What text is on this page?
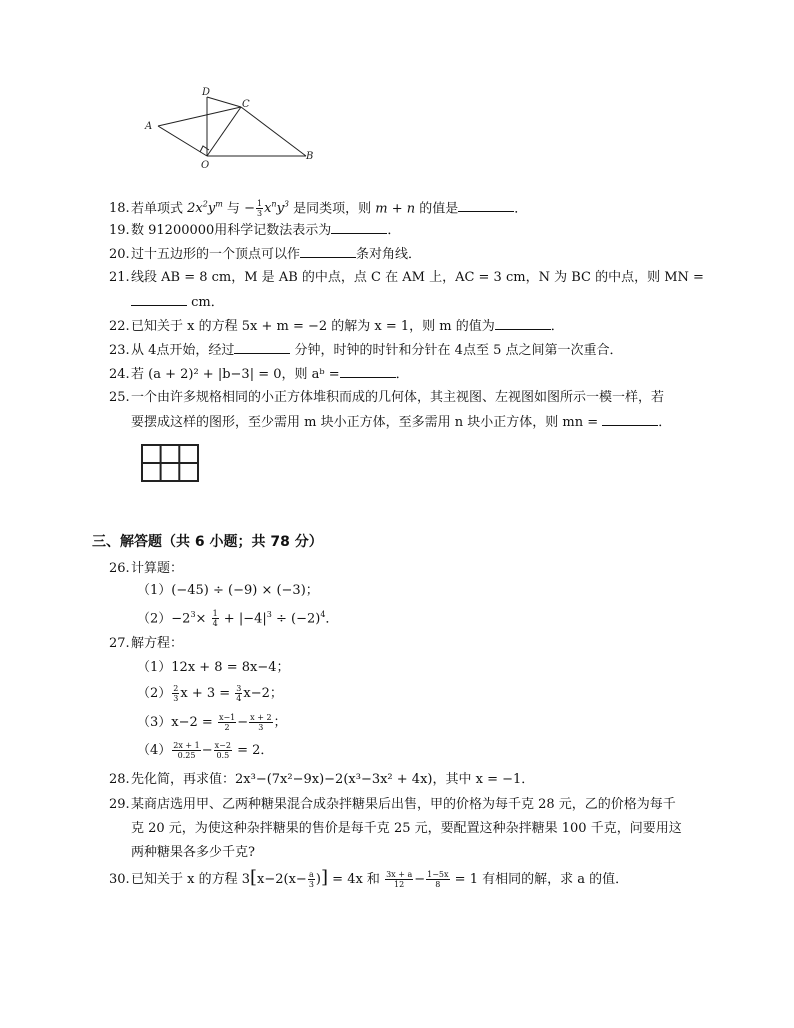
D
C
A
O
B
18.若单项式 $2x^2y^m$ 与 − $\frac{1}{3} x^ny^3$ 是同类项，则 m + n 的值是	．
19.数 91200000用科学记数法表示为	．
20.过十五边形的一个顶点可以作	条对角线．
21.线段 AB = 8 cm，M 是 AB 的中点，点 C 在 AM 上，AC = 3 cm，N 为 BC 的中点，则 MN =
cm．
22.已知关于 x 的方程 5x + m = −2 的解为 x = 1，则 m 的值为	．
23.从 4点开始，经过	分钟，时钟的时针和分针在 4点至 5 点之间第一次重合．
24.若 (a + 2)² + |b−3| = 0，则 aᵇ =	．
25.一个由许多规格相同的小正方体堆积而成的几何体，其主视图、左视图如图所示一模一样，若
要摆成这样的图形，至少需用 m 块小正方体，至多需用 n 块小正方体，则 mn =	．
三、解答题（共 6 小题；共 78 分）
26.计算题：
（1）(−45) ÷ (−9) × (−3)；
$(2)-2^3\times \frac{1}{4} + |-4|^3 \div (-2)^4$．
27.解方程：
（1）12x + 8 = 8x−4；
$(2) \frac{2}{3}$ $x + 3 = \frac{3}{4} x-2$；
$(3)x-2 = \frac{x-1}{2} - \frac{x + 2}{3}$ ；
$(4) \frac{2x + 1}{0.25} - \frac{x-2}{0.5} = 2$．
28.先化简，再求值：2x³−(7x²−9x)−2(x³−3x² + 4x)，其中 x = −1．
29.某商店选用甲、乙两种糖果混合成杂拌糖果后出售，甲的价格为每千克 28 元，乙的价格为每千
克 20 元，为使这种杂拌糖果的售价是每千克 25 元，要配置这种杂拌糖果 100 千克，问要用这
两种糖果各多少千克?
30.已知关于 x 的方程 $3[x-2(x- \frac{a}{3}$ )] = 4x 和 $\frac{3x + a}{12} - \frac{1-5x}{8} = 1$ 有相同的解，求 a 的值．
